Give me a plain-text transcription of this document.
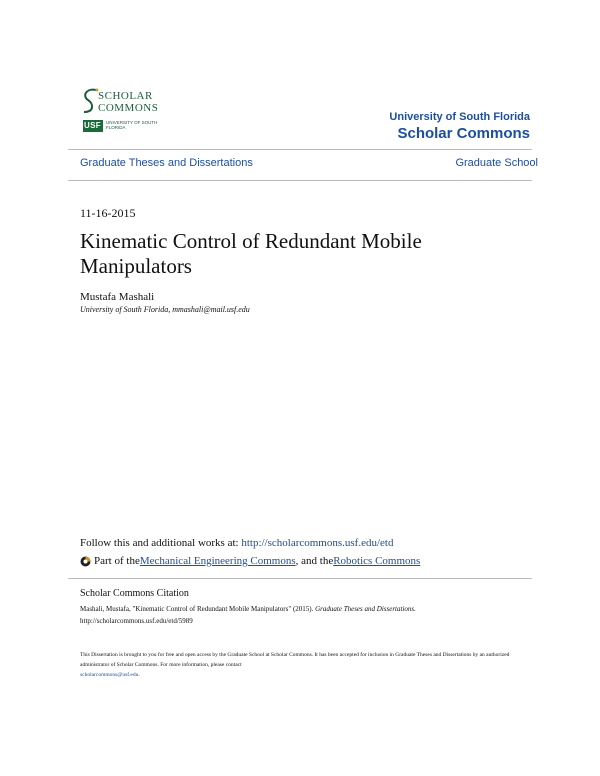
SCHOLAR
COMMONS
USF UNIVERSITY OF SOUTH FLORIDA
University of South Florida
Scholar Commons
Graduate Theses and Dissertations	Graduate School
11-16-2015
Kinematic Control of Redundant Mobile Manipulators
Mustafa Mashali
University of South Florida, mmashali@mail.usf.edu
Follow this and additional works at: http://scholarcommons.usf.edu/etd
Part of the Mechanical Engineering Commons , and the Robotics Commons
Scholar Commons Citation
Mashali, Mustafa, "Kinematic Control of Redundant Mobile Manipulators" (2015). Graduate Theses and Dissertations.
http://scholarcommons.usf.edu/etd/5989
This Dissertation is brought to you for free and open access by the Graduate School at Scholar Commons. It has been accepted for inclusion in Graduate Theses and Dissertations by an authorized administrator of Scholar Commons. For more information, please contact
scholarcommons@usf.edu.
